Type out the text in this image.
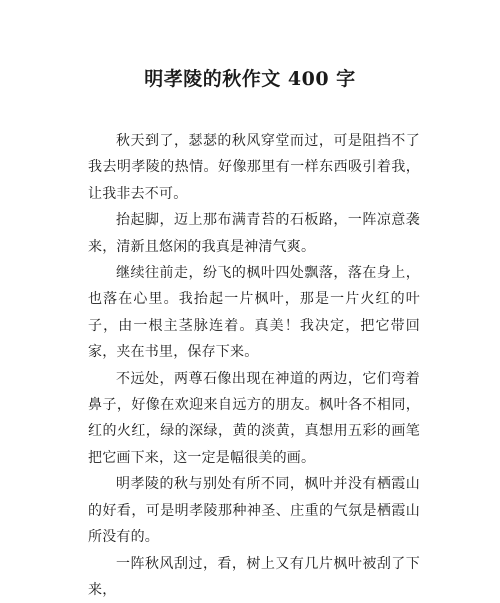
明孝陵的秋作文 400 字

秋天到了，瑟瑟的秋风穿堂而过，可是阻挡不了我去明孝陵的热情。好像那里有一样东西吸引着我，让我非去不可。

抬起脚，迈上那布满青苔的石板路，一阵凉意袭来，清新且悠闲的我真是神清气爽。

继续往前走，纷飞的枫叶四处飘落，落在身上，也落在心里。我抬起一片枫叶，那是一片火红的叶子，由一根主茎脉连着。真美！我决定，把它带回家，夹在书里，保存下来。

不远处，两尊石像出现在神道的两边，它们弯着鼻子，好像在欢迎来自远方的朋友。枫叶各不相同，红的火红，绿的深绿，黄的淡黄，真想用五彩的画笔把它画下来，这一定是幅很美的画。

明孝陵的秋与别处有所不同，枫叶并没有栖霞山的好看，可是明孝陵那种神圣、庄重的气氛是栖霞山所没有的。

一阵秋风刮过，看，树上又有几片枫叶被刮了下来，
